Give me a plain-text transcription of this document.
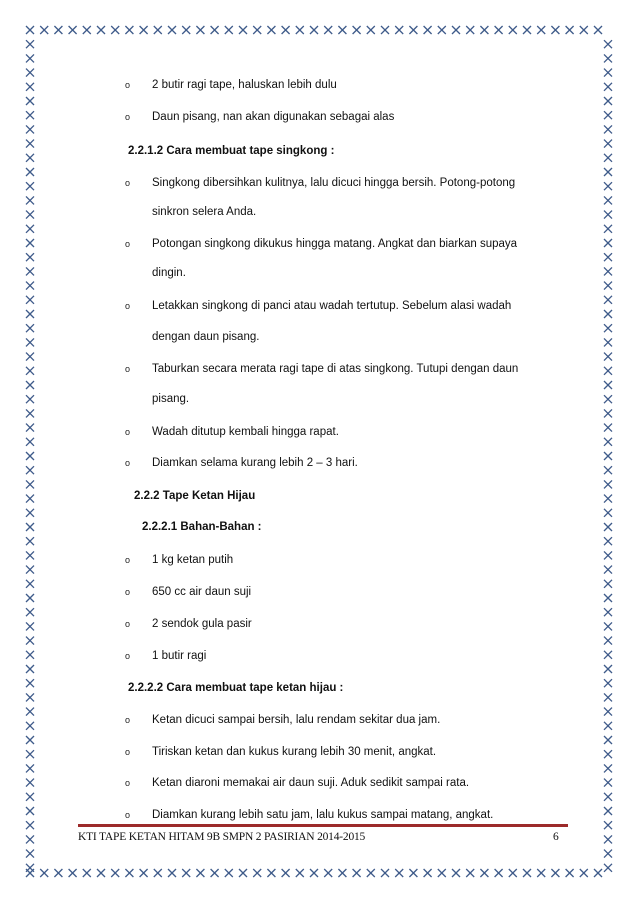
o 2 butir ragi tape, haluskan lebih dulu
o Daun pisang, nan akan digunakan sebagai alas
2.2.1.2 Cara membuat tape singkong :
o Singkong dibersihkan kulitnya, lalu dicuci hingga bersih. Potong-potong
sinkron selera Anda.
o Potongan singkong dikukus hingga matang. Angkat dan biarkan supaya
dingin.
o Letakkan singkong di panci atau wadah tertutup. Sebelum alasi wadah
dengan daun pisang.
o Taburkan secara merata ragi tape di atas singkong. Tutupi dengan daun
pisang.
o Wadah ditutup kembali hingga rapat.
o Diamkan selama kurang lebih 2 – 3 hari.
2.2.2 Tape Ketan Hijau
2.2.2.1 Bahan-Bahan :
o 1 kg ketan putih
o 650 cc air daun suji
o 2 sendok gula pasir
o 1 butir ragi
2.2.2.2 Cara membuat tape ketan hijau :
o Ketan dicuci sampai bersih, lalu rendam sekitar dua jam.
o Tiriskan ketan dan kukus kurang lebih 30 menit, angkat.
o Ketan diaroni memakai air daun suji. Aduk sedikit sampai rata.
o Diamkan kurang lebih satu jam, lalu kukus sampai matang, angkat.
KTI TAPE KETAN HITAM 9B SMPN 2 PASIRIAN 2014-2015	6
